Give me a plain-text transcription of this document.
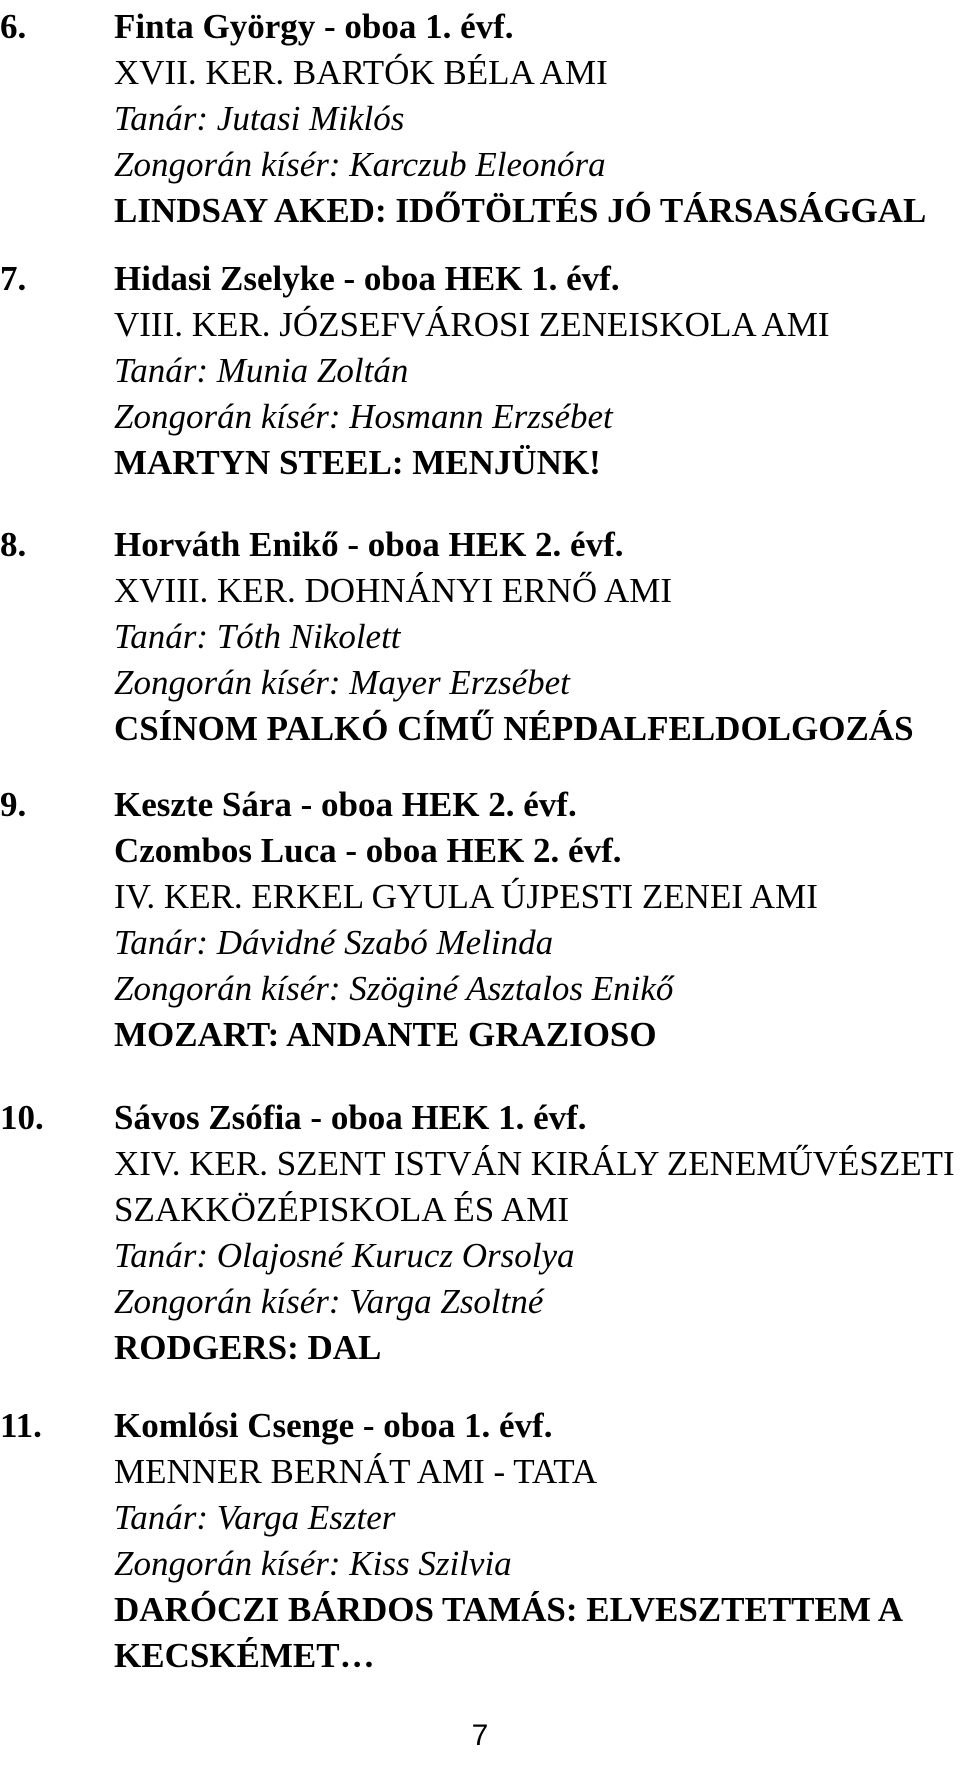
6.	Finta György - oboa 1. évf.
XVII. KER. BARTÓK BÉLA AMI
Tanár: Jutasi Miklós
Zongorán kísér: Karczub Eleonóra
LINDSAY AKED: IDŐTÖLTÉS JÓ TÁRSASÁGGAL
7.	Hidasi Zselyke - oboa HEK 1. évf.
VIII. KER. JÓZSEFVÁROSI ZENEISKOLA AMI
Tanár: Munia Zoltán
Zongorán kísér: Hosmann Erzsébet
MARTYN STEEL: MENJÜNK!
8.	Horváth Enikő - oboa HEK 2. évf.
XVIII. KER. DOHNÁNYI ERNŐ AMI
Tanár: Tóth Nikolett
Zongorán kísér: Mayer Erzsébet
CSÍNOM PALKÓ CÍMŰ NÉPDALFELDOLGOZÁS
9.	Keszte Sára - oboa HEK 2. évf.
Czombos Luca - oboa HEK 2. évf.
IV. KER. ERKEL GYULA ÚJPESTI ZENEI AMI
Tanár: Dávidné Szabó Melinda
Zongorán kísér: Szöginé Asztalos Enikő
MOZART: ANDANTE GRAZIOSO
10.	Sávos Zsófia - oboa HEK 1. évf.
XIV. KER. SZENT ISTVÁN KIRÁLY ZENEMŰVÉSZETI
SZAKKÖZÉPISKOLA ÉS AMI
Tanár: Olajosné Kurucz Orsolya
Zongorán kísér: Varga Zsoltné
RODGERS: DAL
11.	Komlósi Csenge - oboa 1. évf.
MENNER BERNÁT AMI - TATA
Tanár: Varga Eszter
Zongorán kísér: Kiss Szilvia
DARÓCZI BÁRDOS TAMÁS: ELVESZTETTEM A
KECSKÉMET…
7
